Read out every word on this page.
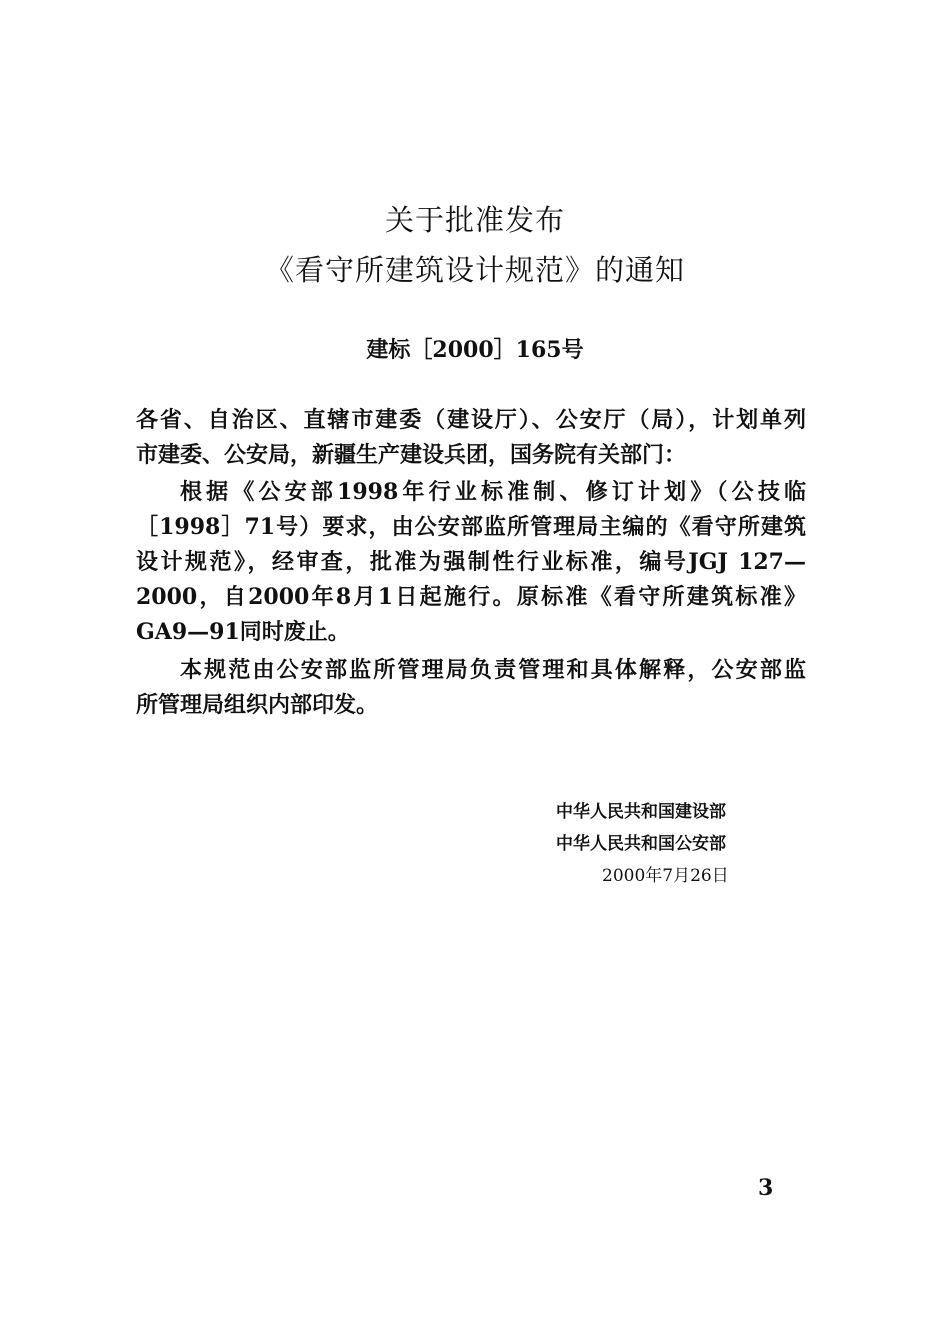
关于批准发布
《看守所建筑设计规范》的通知
建标［2000］165号
各省、自治区、直辖市建委（建设厅）、公安厅（局），计划单列
市建委、公安局，新疆生产建设兵团，国务院有关部门：
根据《公安部1998年行业标准制、修订计划》（公技临
［1998］71号）要求，由公安部监所管理局主编的《看守所建筑
设计规范》，经审查，批准为强制性行业标准，编号JGJ 127—
2000，自2000年8月1日起施行。原标准《看守所建筑标准》
GA9—91同时废止。
本规范由公安部监所管理局负责管理和具体解释，公安部监
所管理局组织内部印发。
中华人民共和国建设部
中华人民共和国公安部
2000年7月26日
3
